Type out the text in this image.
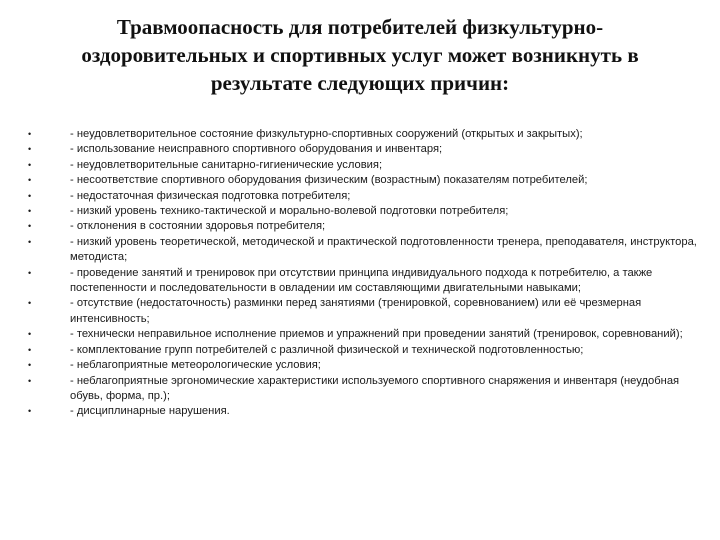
Травмоопасность для потребителей физкультурно-оздоровительных и спортивных услуг может возникнуть в результате следующих причин:
•	- неудовлетворительное состояние физкультурно-спортивных сооружений (открытых и закрытых);
•	- использование неисправного спортивного оборудования и инвентаря;
•	- неудовлетворительные санитарно-гигиенические условия;
•	- несоответствие спортивного оборудования физическим (возрастным) показателям потребителей;
•	- недостаточная физическая подготовка потребителя;
•	- низкий уровень технико-тактической и морально-волевой подготовки потребителя;
•	- отклонения в состоянии здоровья потребителя;
•	- низкий уровень теоретической, методической и практической подготовленности тренера, преподавателя, инструктора, методиста;
•	- проведение занятий и тренировок при отсутствии принципа индивидуального подхода к потребителю, а также постепенности и последовательности в овладении им составляющими двигательными навыками;
•	- отсутствие (недостаточность) разминки перед занятиями (тренировкой, соревнованием) или её чрезмерная интенсивность;
•	- технически неправильное исполнение приемов и упражнений при проведении занятий (тренировок, соревнований);
•	- комплектование групп потребителей с различной физической и технической подготовленностью;
•	- неблагоприятные метеорологические условия;
•	- неблагоприятные эргономические характеристики используемого спортивного снаряжения и инвентаря (неудобная обувь, форма, пр.);
•	- дисциплинарные нарушения.
